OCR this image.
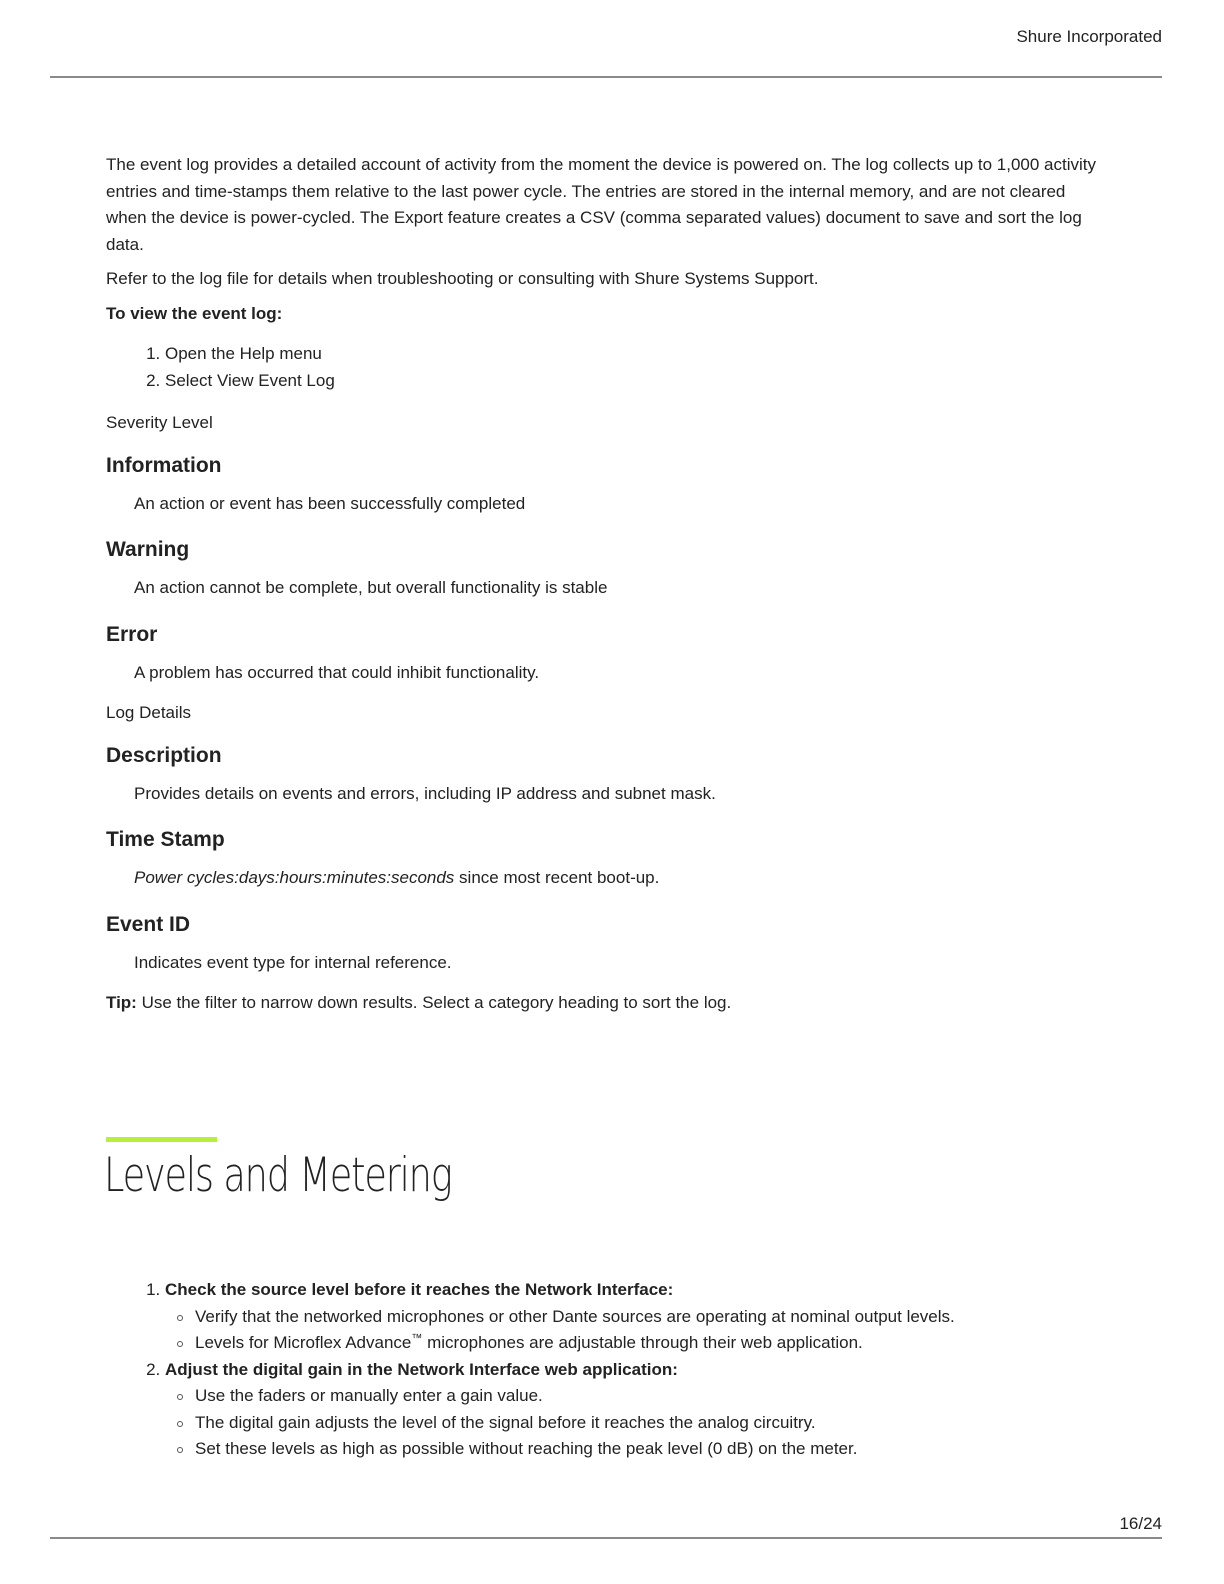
Shure Incorporated

The event log provides a detailed account of activity from the moment the device is powered on. The log collects up to 1,000 activity entries and time-stamps them relative to the last power cycle. The entries are stored in the internal memory, and are not cleared when the device is power-cycled. The Export feature creates a CSV (comma separated values) document to save and sort the log data.

Refer to the log file for details when troubleshooting or consulting with Shure Systems Support.

To view the event log:

1. Open the Help menu
2. Select View Event Log

Severity Level

Information

An action or event has been successfully completed

Warning

An action cannot be complete, but overall functionality is stable

Error

A problem has occurred that could inhibit functionality.

Log Details

Description

Provides details on events and errors, including IP address and subnet mask.

Time Stamp

Power cycles:days:hours:minutes:seconds since most recent boot-up.

Event ID

Indicates event type for internal reference.

Tip: Use the filter to narrow down results. Select a category heading to sort the log.

Levels and Metering
1. Check the source level before it reaches the Network Interface:
Verify that the networked microphones or other Dante sources are operating at nominal output levels.
Levels for Microflex Advance™ microphones are adjustable through their web application.
2. Adjust the digital gain in the Network Interface web application:
Use the faders or manually enter a gain value.
The digital gain adjusts the level of the signal before it reaches the analog circuitry.
Set these levels as high as possible without reaching the peak level (0 dB) on the meter.
16/24
